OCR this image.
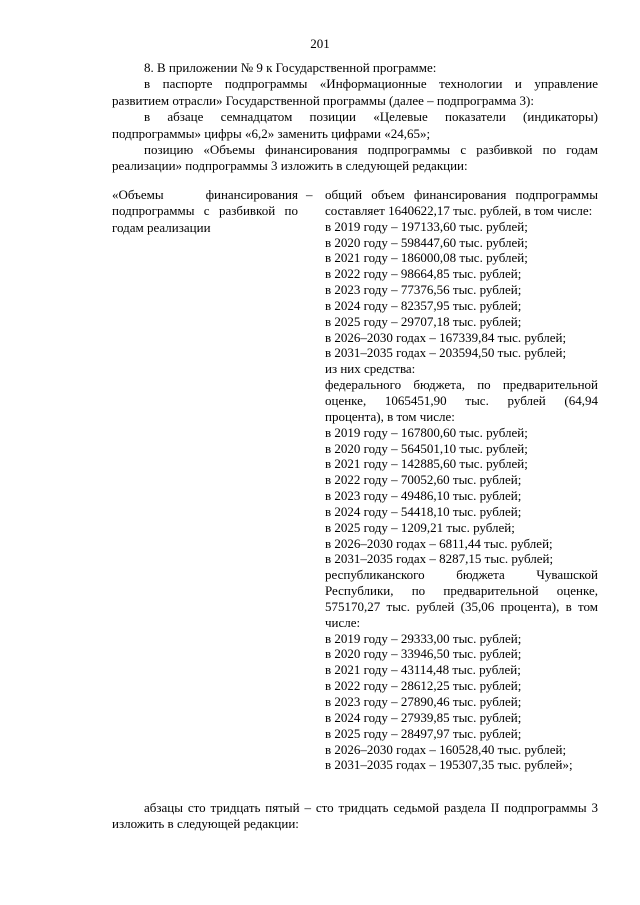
201

8. В приложении № 9 к Государственной программе:

в паспорте подпрограммы «Информационные технологии и управление развитием отрасли» Государственной программы (далее – подпрограмма 3):

в абзаце семнадцатом позиции «Целевые показатели (индикаторы) подпрограммы» цифры «6,2» заменить цифрами «24,65»;

позицию «Объемы финансирования подпрограммы с разбивкой по годам реализации» подпрограммы 3 изложить в следующей редакции:

«Объемы финансирования подпрограммы с разбивкой по годам реализации
– общий объем финансирования подпрограммы составляет 1640622,17 тыс. рублей, в том числе:
в 2019 году – 197133,60 тыс. рублей;
в 2020 году – 598447,60 тыс. рублей;
в 2021 году – 186000,08 тыс. рублей;
в 2022 году – 98664,85 тыс. рублей;
в 2023 году – 77376,56 тыс. рублей;
в 2024 году – 82357,95 тыс. рублей;
в 2025 году – 29707,18 тыс. рублей;
в 2026–2030 годах – 167339,84 тыс. рублей;
в 2031–2035 годах – 203594,50 тыс. рублей;
из них средства:
федерального бюджета, по предварительной оценке, 1065451,90 тыс. рублей (64,94 процента), в том числе:
в 2019 году – 167800,60 тыс. рублей;
в 2020 году – 564501,10 тыс. рублей;
в 2021 году – 142885,60 тыс. рублей;
в 2022 году – 70052,60 тыс. рублей;
в 2023 году – 49486,10 тыс. рублей;
в 2024 году – 54418,10 тыс. рублей;
в 2025 году – 1209,21 тыс. рублей;
в 2026–2030 годах – 6811,44 тыс. рублей;
в 2031–2035 годах – 8287,15 тыс. рублей;
республиканского бюджета Чувашской Республики, по предварительной оценке, 575170,27 тыс. рублей (35,06 процента), в том числе:
в 2019 году – 29333,00 тыс. рублей;
в 2020 году – 33946,50 тыс. рублей;
в 2021 году – 43114,48 тыс. рублей;
в 2022 году – 28612,25 тыс. рублей;
в 2023 году – 27890,46 тыс. рублей;
в 2024 году – 27939,85 тыс. рублей;
в 2025 году – 28497,97 тыс. рублей;
в 2026–2030 годах – 160528,40 тыс. рублей;
в 2031–2035 годах – 195307,35 тыс. рублей»;

абзацы сто тридцать пятый – сто тридцать седьмой раздела II подпрограммы 3 изложить в следующей редакции:
